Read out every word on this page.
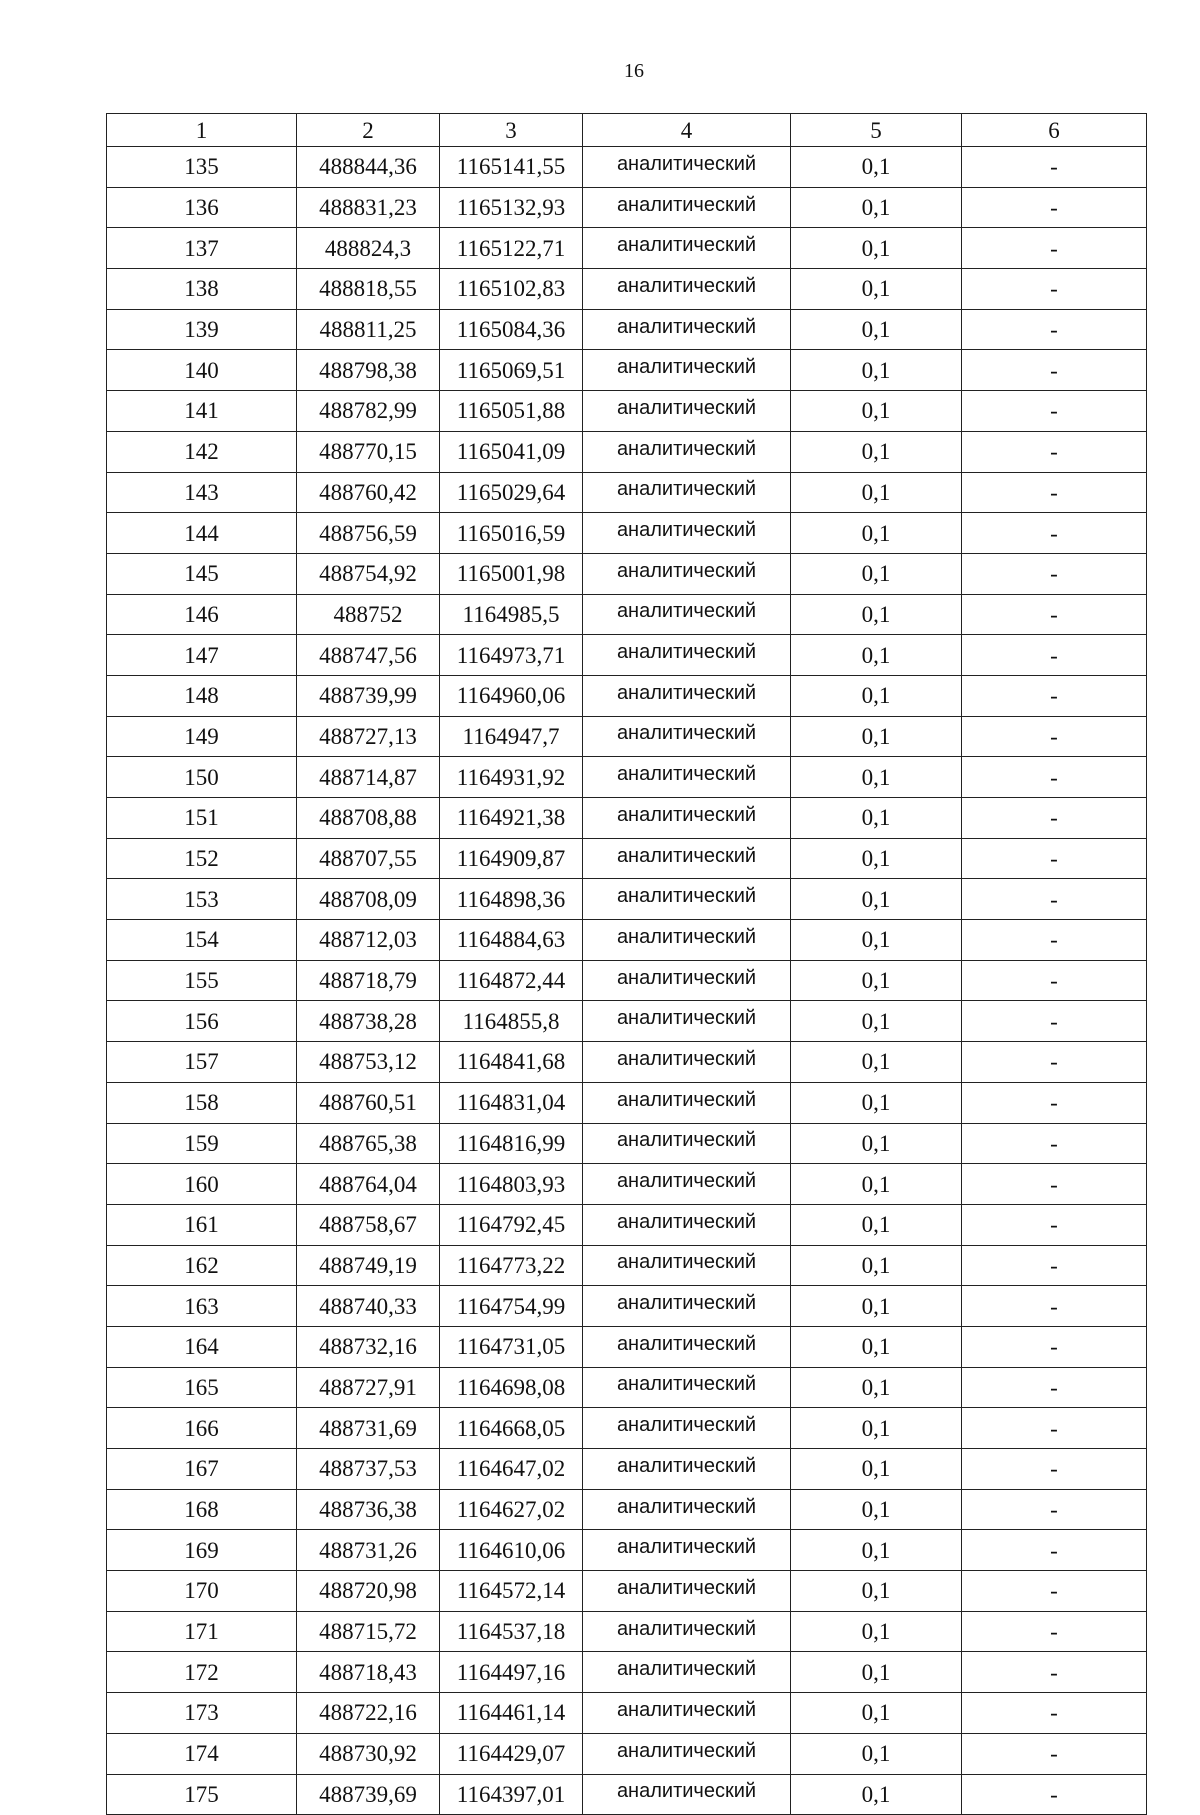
16
1	2	3	4	5	6
135	488844,36	1165141,55	аналитический	0,1	-
136	488831,23	1165132,93	аналитический	0,1	-
137	488824,3	1165122,71	аналитический	0,1	-
138	488818,55	1165102,83	аналитический	0,1	-
139	488811,25	1165084,36	аналитический	0,1	-
140	488798,38	1165069,51	аналитический	0,1	-
141	488782,99	1165051,88	аналитический	0,1	-
142	488770,15	1165041,09	аналитический	0,1	-
143	488760,42	1165029,64	аналитический	0,1	-
144	488756,59	1165016,59	аналитический	0,1	-
145	488754,92	1165001,98	аналитический	0,1	-
146	488752	1164985,5	аналитический	0,1	-
147	488747,56	1164973,71	аналитический	0,1	-
148	488739,99	1164960,06	аналитический	0,1	-
149	488727,13	1164947,7	аналитический	0,1	-
150	488714,87	1164931,92	аналитический	0,1	-
151	488708,88	1164921,38	аналитический	0,1	-
152	488707,55	1164909,87	аналитический	0,1	-
153	488708,09	1164898,36	аналитический	0,1	-
154	488712,03	1164884,63	аналитический	0,1	-
155	488718,79	1164872,44	аналитический	0,1	-
156	488738,28	1164855,8	аналитический	0,1	-
157	488753,12	1164841,68	аналитический	0,1	-
158	488760,51	1164831,04	аналитический	0,1	-
159	488765,38	1164816,99	аналитический	0,1	-
160	488764,04	1164803,93	аналитический	0,1	-
161	488758,67	1164792,45	аналитический	0,1	-
162	488749,19	1164773,22	аналитический	0,1	-
163	488740,33	1164754,99	аналитический	0,1	-
164	488732,16	1164731,05	аналитический	0,1	-
165	488727,91	1164698,08	аналитический	0,1	-
166	488731,69	1164668,05	аналитический	0,1	-
167	488737,53	1164647,02	аналитический	0,1	-
168	488736,38	1164627,02	аналитический	0,1	-
169	488731,26	1164610,06	аналитический	0,1	-
170	488720,98	1164572,14	аналитический	0,1	-
171	488715,72	1164537,18	аналитический	0,1	-
172	488718,43	1164497,16	аналитический	0,1	-
173	488722,16	1164461,14	аналитический	0,1	-
174	488730,92	1164429,07	аналитический	0,1	-
175	488739,69	1164397,01	аналитический	0,1	-
